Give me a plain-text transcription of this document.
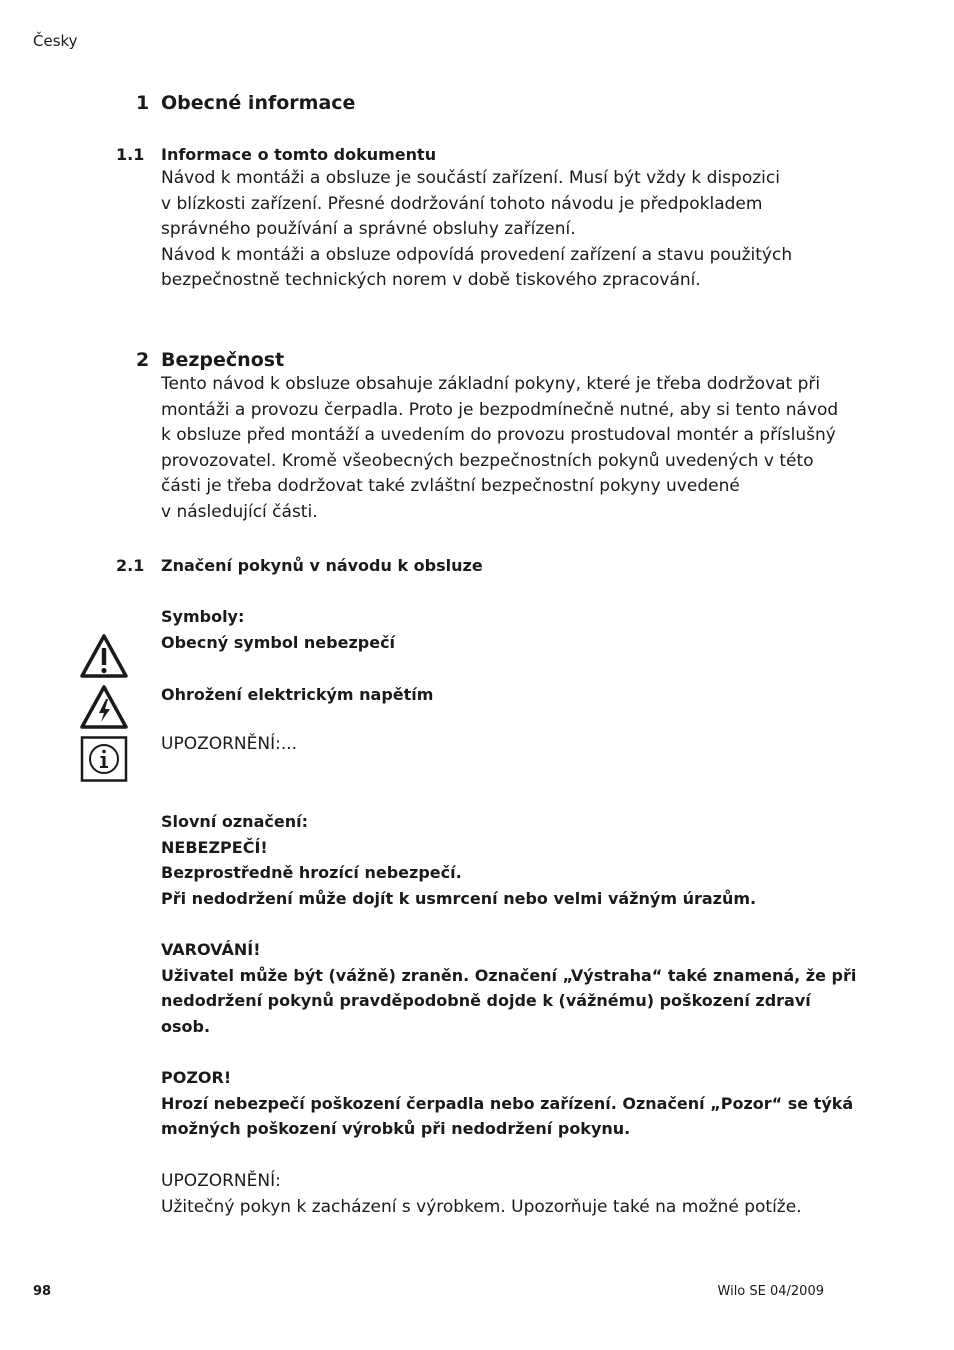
Česky
1 Obecné informace
1.1 Informace o tomto dokumentu
Návod k montáži a obsluze je součástí zařízení. Musí být vždy k dispozici
v blízkosti zařízení. Přesné dodržování tohoto návodu je předpokladem
správného používání a správné obsluhy zařízení.
Návod k montáži a obsluze odpovídá provedení zařízení a stavu použitých
bezpečnostně technických norem v době tiskového zpracování.
2 Bezpečnost
Tento návod k obsluze obsahuje základní pokyny, které je třeba dodržovat při
montáži a provozu čerpadla. Proto je bezpodmínečně nutné, aby si tento návod
k obsluze před montáží a uvedením do provozu prostudoval montér a příslušný
provozovatel. Kromě všeobecných bezpečnostních pokynů uvedených v této
části je třeba dodržovat také zvláštní bezpečnostní pokyny uvedené
v následující části.
2.1 Značení pokynů v návodu k obsluze
Symboly:
Obecný symbol nebezpečí
Ohrožení elektrickým napětím
UPOZORNĚNÍ:...
Slovní označení:
NEBEZPEČÍ!
Bezprostředně hrozící nebezpečí.
Při nedodržení může dojít k usmrcení nebo velmi vážným úrazům.
VAROVÁNÍ!
Uživatel může být (vážně) zraněn. Označení „Výstraha“ také znamená, že při
nedodržení pokynů pravděpodobně dojde k (vážnému) poškození zdraví
osob.
POZOR!
Hrozí nebezpečí poškození čerpadla nebo zařízení. Označení „Pozor“ se týká
možných poškození výrobků při nedodržení pokynu.
UPOZORNĚNÍ:
Užitečný pokyn k zacházení s výrobkem. Upozorňuje také na možné potíže.
98	Wilo SE 04/2009
